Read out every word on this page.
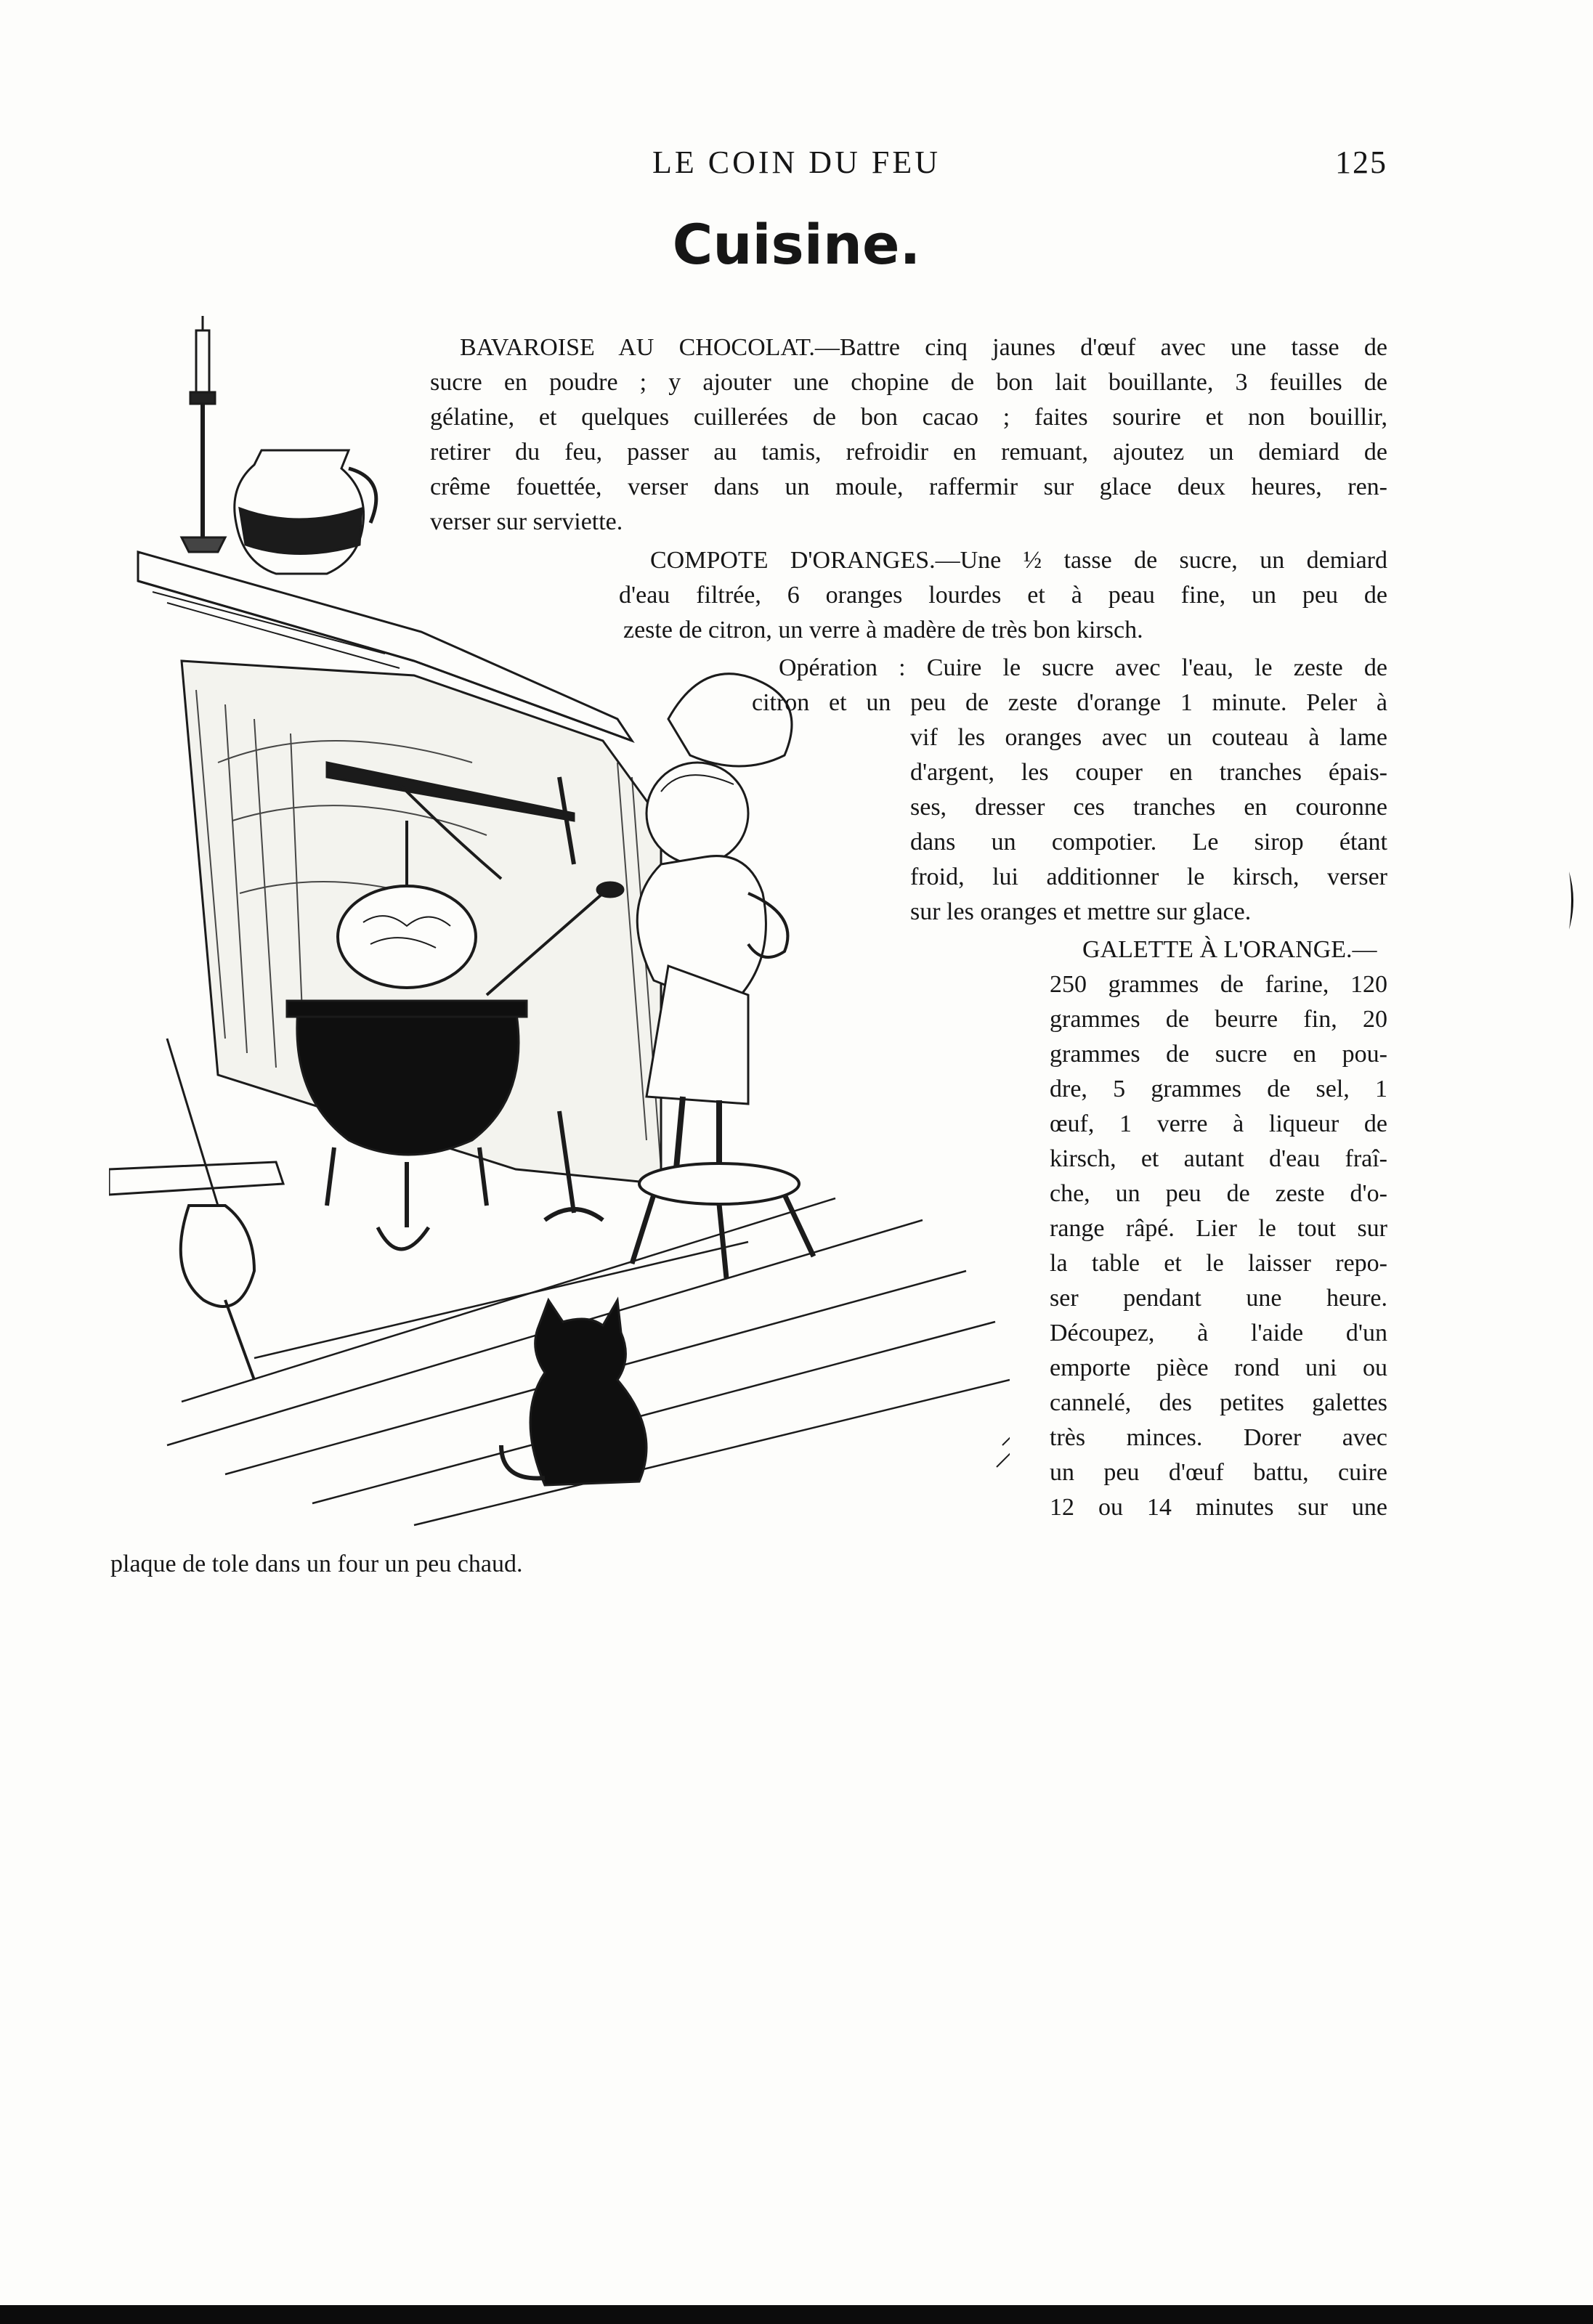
LE COIN DU FEU	125
Cuisine.
BAVAROISE AU CHOCOLAT.—Battre cinq jaunes d'œuf avec une tasse de
sucre en poudre ; y ajouter une chopine de bon lait bouillante, 3 feuilles de
gélatine, et quelques cuillerées de bon cacao ; faites sourire et non bouillir,
retirer du feu, passer au tamis, refroidir en remuant, ajoutez un demiard de
crême fouettée, verser dans un moule, raffermir sur glace deux heures, ren-
verser sur serviette.
COMPOTE D'ORANGES.—Une ½ tasse de sucre, un demiard
d'eau filtrée, 6 oranges lourdes et à peau fine, un peu de
zeste de citron, un verre à madère de très bon kirsch.
Opération : Cuire le sucre avec l'eau, le zeste de
citron et un peu de zeste d'orange 1 minute. Peler à
vif les oranges avec un couteau à lame
d'argent, les couper en tranches épais-
ses, dresser ces tranches en couronne
dans un compotier. Le sirop étant
froid, lui additionner le kirsch, verser
sur les oranges et mettre sur glace.
GALETTE À L'ORANGE.—
250 grammes de farine, 120
grammes de beurre fin, 20
grammes de sucre en pou-
dre, 5 grammes de sel, 1
œuf, 1 verre à liqueur de
kirsch, et autant d'eau fraî-
che, un peu de zeste d'o-
range râpé. Lier le tout sur
la table et le laisser repo-
ser pendant une heure.
Découpez, à l'aide d'un
emporte pièce rond uni ou
cannelé, des petites galettes
très minces. Dorer avec
un peu d'œuf battu, cuire
12 ou 14 minutes sur une
plaque de tole dans un four un peu chaud.
